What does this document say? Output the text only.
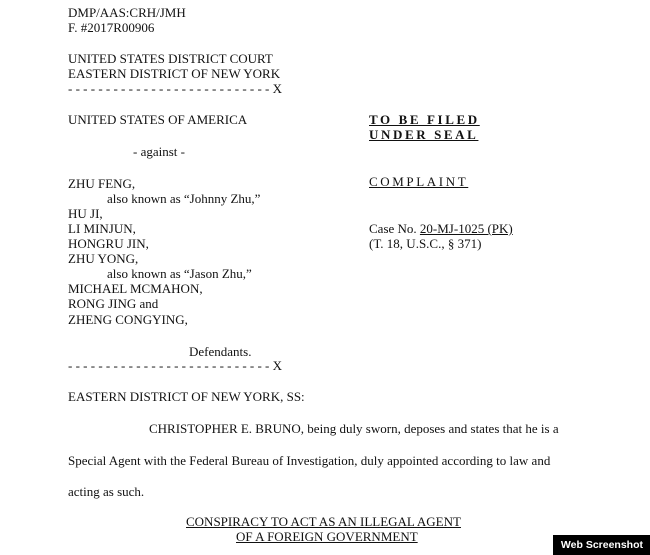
DMP/AAS:CRH/JMH
F. #2017R00906
UNITED STATES DISTRICT COURT
EASTERN DISTRICT OF NEW YORK
- - - - - - - - - - - - - - - - - - - - - - - - - - - X
UNITED STATES OF AMERICA
- against -
ZHU FENG,
also known as “Johnny Zhu,”
HU JI,
LI MINJUN,
HONGRU JIN,
ZHU YONG,
also known as “Jason Zhu,”
MICHAEL MCMAHON,
RONG JING and
ZHENG CONGYING,
Defendants.
- - - - - - - - - - - - - - - - - - - - - - - - - - - X
TO BE FILED
UNDER SEAL
COMPLAINT
Case No. 20-MJ-1025 (PK)
(T. 18, U.S.C., § 371)
EASTERN DISTRICT OF NEW YORK, SS:
CHRISTOPHER E. BRUNO, being duly sworn, deposes and states that he is a
Special Agent with the Federal Bureau of Investigation, duly appointed according to law and
acting as such.
CONSPIRACY TO ACT AS AN ILLEGAL AGENT
OF A FOREIGN GOVERNMENT
Web Screenshot
